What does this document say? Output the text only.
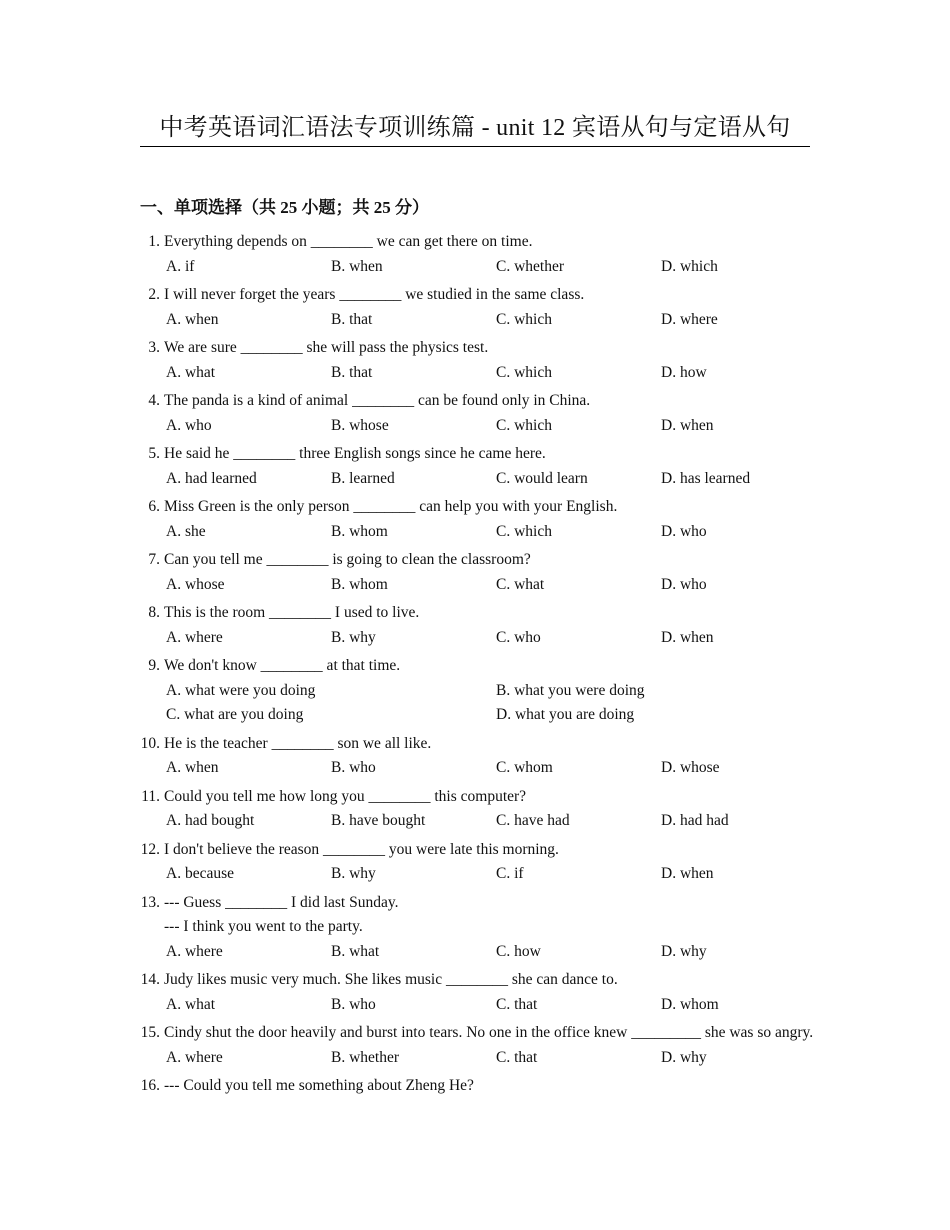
中考英语词汇语法专项训练篇 - unit 12 宾语从句与定语从句
一、单项选择（共 25 小题；共 25 分）
1. Everything depends on ________ we can get there on time.
A. if	B. when	C. whether	D. which
2. I will never forget the years ________ we studied in the same class.
A. when	B. that	C. which	D. where
3. We are sure ________ she will pass the physics test.
A. what	B. that	C. which	D. how
4. The panda is a kind of animal ________ can be found only in China.
A. who	B. whose	C. which	D. when
5. He said he ________ three English songs since he came here.
A. had learned	B. learned	C. would learn	D. has learned
6. Miss Green is the only person ________ can help you with your English.
A. she	B. whom	C. which	D. who
7. Can you tell me ________ is going to clean the classroom?
A. whose	B. whom	C. what	D. who
8. This is the room ________ I used to live.
A. where	B. why	C. who	D. when
9. We don't know ________ at that time.
A. what were you doing	B. what you were doing
C. what are you doing	D. what you are doing
10. He is the teacher ________ son we all like.
A. when	B. who	C. whom	D. whose
11. Could you tell me how long you ________ this computer?
A. had bought	B. have bought	C. have had	D. had had
12. I don't believe the reason ________ you were late this morning.
A. because	B. why	C. if	D. when
13. --- Guess ________ I did last Sunday.
--- I think you went to the party.
A. where	B. what	C. how	D. why
14. Judy likes music very much. She likes music ________ she can dance to.
A. what	B. who	C. that	D. whom
15. Cindy shut the door heavily and burst into tears. No one in the office knew _________ she was so angry.
A. where	B. whether	C. that	D. why
16. --- Could you tell me something about Zheng He?
